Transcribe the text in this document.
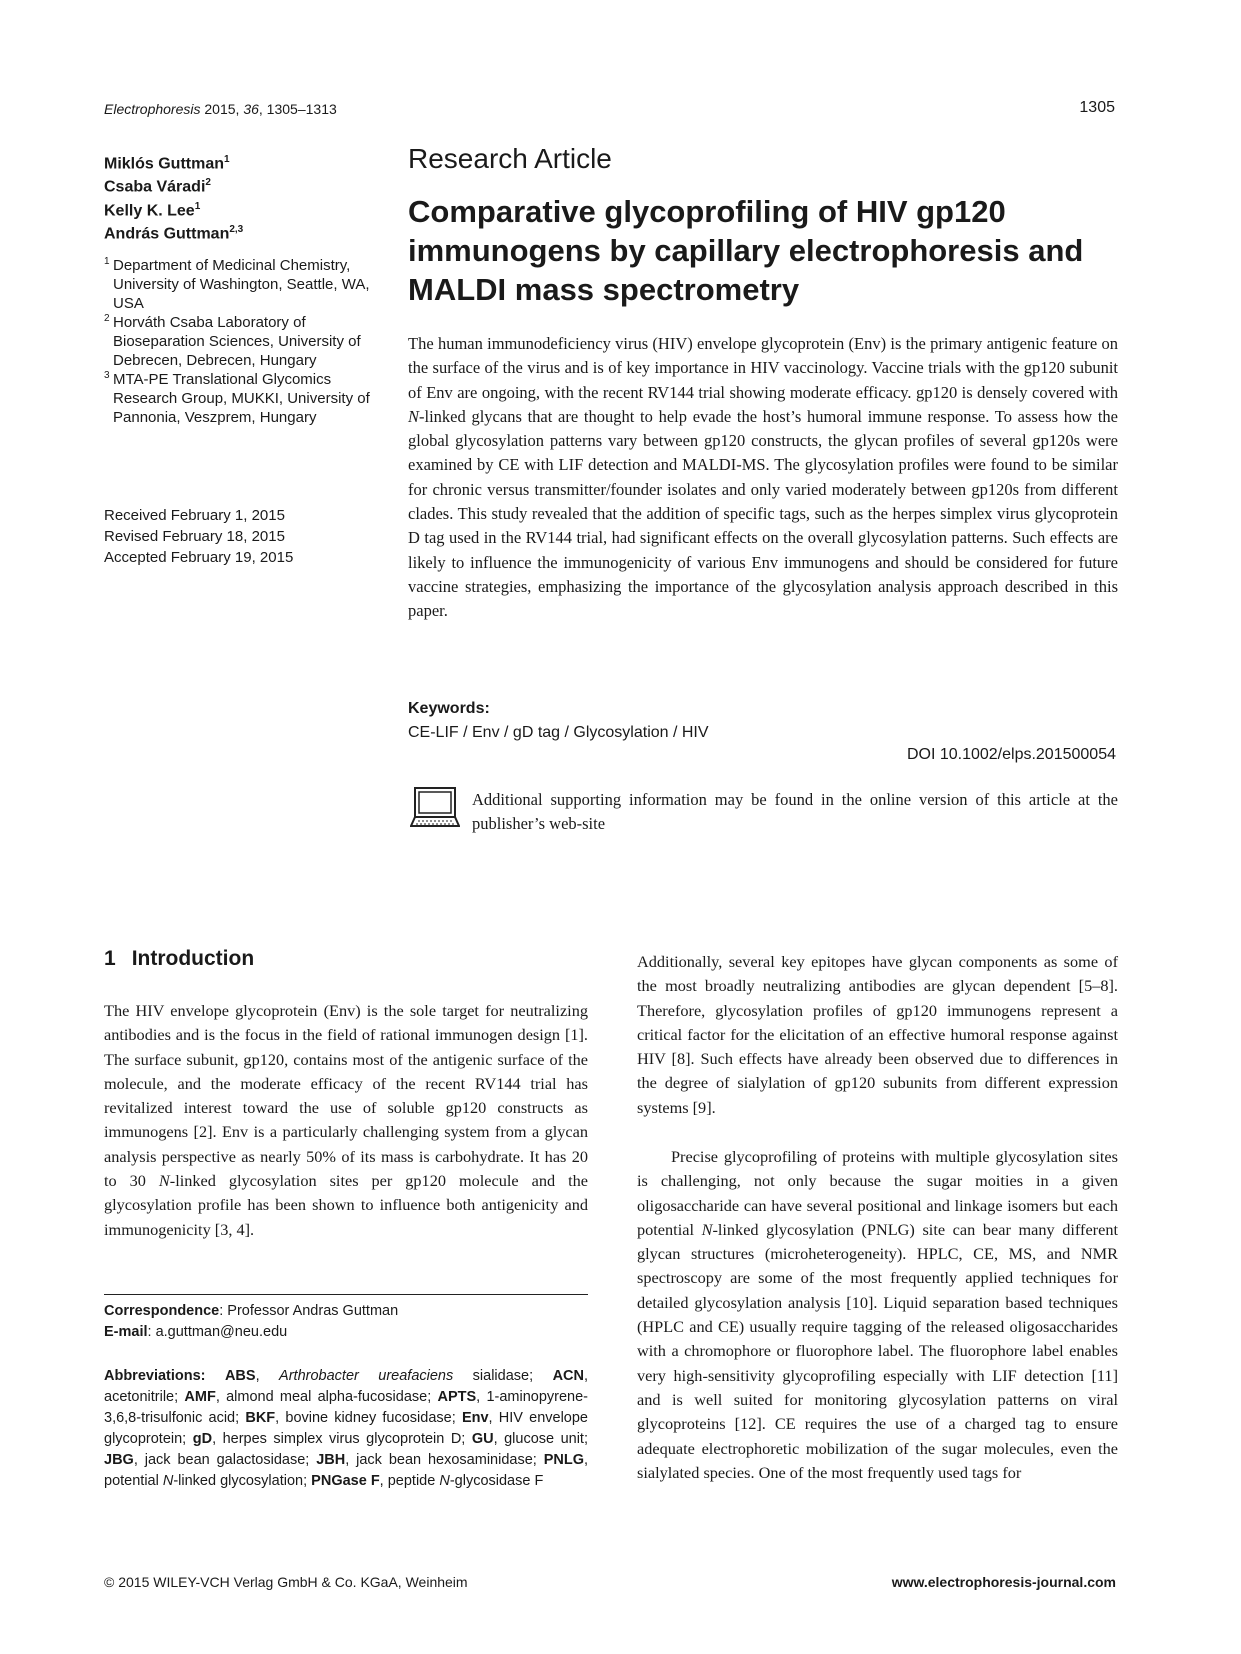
Electrophoresis 2015, 36, 1305–1313	1305
Miklós Guttman$^1$
Csaba Váradi$^2$
Kelly K. Lee$^1$
András Guttman$^{2,3}$
1 Department of Medicinal Chemistry, University of Washington, Seattle, WA, USA
2 Horváth Csaba Laboratory of Bioseparation Sciences, University of Debrecen, Debrecen, Hungary
3 MTA-PE Translational Glycomics Research Group, MUKKI, University of Pannonia, Veszprem, Hungary
Received February 1, 2015
Revised February 18, 2015
Accepted February 19, 2015
Research Article
Comparative glycoprofiling of HIV gp120 immunogens by capillary electrophoresis and MALDI mass spectrometry

The human immunodeficiency virus (HIV) envelope glycoprotein (Env) is the primary antigenic feature on the surface of the virus and is of key importance in HIV vaccinology. Vaccine trials with the gp120 subunit of Env are ongoing, with the recent RV144 trial showing moderate efficacy. gp120 is densely covered with N-linked glycans that are thought to help evade the host’s humoral immune response. To assess how the global glycosylation patterns vary between gp120 constructs, the glycan profiles of several gp120s were examined by CE with LIF detection and MALDI-MS. The glycosylation profiles were found to be similar for chronic versus transmitter/founder isolates and only varied moderately between gp120s from different clades. This study revealed that the addition of specific tags, such as the herpes simplex virus glycoprotein D tag used in the RV144 trial, had significant effects on the overall glycosylation patterns. Such effects are likely to influence the immunogenicity of various Env immunogens and should be considered for future vaccine strategies, emphasizing the importance of the glycosylation analysis approach described in this paper.

Keywords:
CE-LIF / Env / gD tag / Glycosylation / HIV
DOI 10.1002/elps.201500054
Additional supporting information may be found in the online version of this article at the publisher’s web-site
1 Introduction

The HIV envelope glycoprotein (Env) is the sole target for neutralizing antibodies and is the focus in the field of rational immunogen design [1]. The surface subunit, gp120, contains most of the antigenic surface of the molecule, and the moderate efficacy of the recent RV144 trial has revitalized interest toward the use of soluble gp120 constructs as immunogens [2]. Env is a particularly challenging system from a glycan analysis perspective as nearly 50% of its mass is carbohydrate. It has 20 to 30 N-linked glycosylation sites per gp120 molecule and the glycosylation profile has been shown to influence both antigenicity and immunogenicity [3, 4].

Correspondence: Professor Andras Guttman
E-mail: a.guttman@neu.edu
Abbreviations: ABS, Arthrobacter ureafaciens sialidase; ACN, acetonitrile; AMF, almond meal alpha-fucosidase; APTS, 1-aminopyrene-3,6,8-trisulfonic acid; BKF, bovine kidney fucosidase; Env, HIV envelope glycoprotein; gD, herpes simplex virus glycoprotein D; GU, glucose unit; JBG, jack bean galactosidase; JBH, jack bean hexosaminidase; PNLG, potential N-linked glycosylation; PNGase F, peptide N-glycosidase F

Additionally, several key epitopes have glycan components as some of the most broadly neutralizing antibodies are glycan dependent [5–8]. Therefore, glycosylation profiles of gp120 immunogens represent a critical factor for the elicitation of an effective humoral response against HIV [8]. Such effects have already been observed due to differences in the degree of sialylation of gp120 subunits from different expression systems [9].

Precise glycoprofiling of proteins with multiple glycosylation sites is challenging, not only because the sugar moities in a given oligosaccharide can have several positional and linkage isomers but each potential N-linked glycosylation (PNLG) site can bear many different glycan structures (microheterogeneity). HPLC, CE, MS, and NMR spectroscopy are some of the most frequently applied techniques for detailed glycosylation analysis [10]. Liquid separation based techniques (HPLC and CE) usually require tagging of the released oligosaccharides with a chromophore or fluorophore label. The fluorophore label enables very high-sensitivity glycoprofiling especially with LIF detection [11] and is well suited for monitoring glycosylation patterns on viral glycoproteins [12]. CE requires the use of a charged tag to ensure adequate electrophoretic mobilization of the sugar molecules, even the sialylated species. One of the most frequently used tags for

© 2015 WILEY-VCH Verlag GmbH & Co. KGaA, Weinheim	www.electrophoresis-journal.com
